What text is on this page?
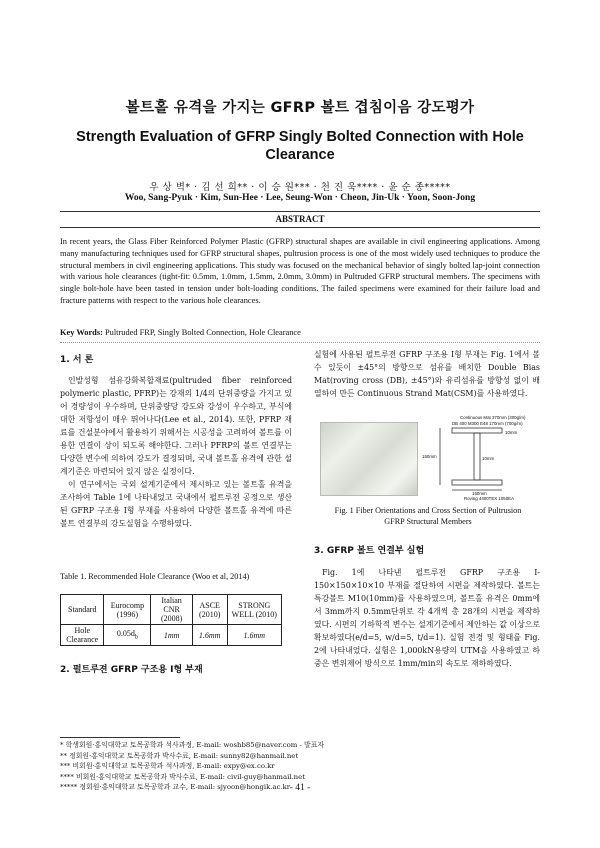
볼트홀 유격을 가지는 GFRP 볼트 겹침이음 강도평가
Strength Evaluation of GFRP Singly Bolted Connection with Hole Clearance
우 상 벽* · 김 선 희** · 이 승 원*** · 천 진 욱**** · 윤 순 종*****
Woo, Sang-Pyuk · Kim, Sun-Hee · Lee, Seung-Won · Cheon, Jin-Uk · Yoon, Soon-Jong
ABSTRACT
In recent years, the Glass Fiber Reinforced Polymer Plastic (GFRP) structural shapes are available in civil engineering applications. Among many manufacturing techniques used for GFRP structural shapes, pultrusion process is one of the most widely used techniques to produce the structural members in civil engineering applications. This study was focused on the mechanical behavior of singly bolted lap-joint connection with various hole clearances (tight-fit: 0.5mm, 1.0mm, 1.5mm, 2.0mm, 3.0mm) in Pultruded GFRP structural members. The specimens with single bolt-hole have been tasted in tension under bolt-loading conditions. The failed specimens were examined for their failure load and fracture patterns with respect to the various hole clearances.
Key Words: Pultruded FRP, Singly Bolted Connection, Hole Clearance
1. 서 론

인발성형 섬유강화복합재료(pultruded fiber reinforced polymeric plastic, PFRP)는 강재의 1/4의 단위중량을 가지고 있어 경량성이 우수하며, 단위중량당 강도와 강성이 우수하고, 부식에 대한 저항성이 매우 뛰어나다(Lee et al., 2014). 또한, PFRP 재료를 건설분야에서 활용하기 위해서는 시공성을 고려하여 볼트를 이용한 연결이 상이 되도록 해야한다. 그러나 PFRP의 볼트 연결부는 다양한 변수에 의하여 강도가 결정되며, 국내 볼트홀 유격에 관한 설계기준은 마련되어 있지 않은 실정이다.

이 연구에서는 국외 설계기준에서 제시하고 있는 볼트홀 유격을 조사하여 Table 1에 나타내었고 국내에서 펄트루젼 공정으로 생산된 GFRP 구조용 I형 부재를 사용하여 다양한 볼트홀 유격에 따른 볼트 연결부의 강도실험을 수행하였다.

Table 1. Recommended Hole Clearance (Woo et al, 2014)
Standard	Eurocomp (1996)	Italian CNR (2008)	ASCE (2010)	STRONG WELL (2010)
Hole Clearance	$0.05d_b$	1mm	1.6mm	1.6mm
2. 펄트루젼 GFRP 구조용 I형 부재

실험에 사용된 펄트루젼 GFRP 구조용 I형 부재는 Fig. 1에서 볼 수 있듯이 ±45°의 방향으로 섬유를 배치한 Double Bias Mat(roving cross (DB), ±45°)와 유리섬유를 방향성 없이 배열하여 만든 Continuous Strand Mat(CSM)를 사용하였다.

Continuous Mat 370mm (300g/m)
DB 400 M300 E48 170mm (700g/m)
10mm
150mm	10mm
150mm
Roving 4400TEX 1050EA
Fig. 1 Fiber Orientations and Cross Section of Pultrusion GFRP Structural Members
3. GFRP 볼트 연결부 실험

Fig. 1에 나타낸 펄트루젼 GFRP 구조용 I-150×150×10×10 부재를 절단하여 시편을 제작하였다. 볼트는 특강볼트 M10(10mm)를 사용하였으며, 볼트홀 유격은 0mm에서 3mm까지 0.5mm단위로 각 4개씩 총 28개의 시편을 제작하였다. 시편의 기하학적 변수는 설계기준에서 제안하는 값 이상으로 확보하였다(e/d=5, w/d=5, t/d=1). 실험 전경 및 형태를 Fig. 2에 나타내었다. 실험은 1,000kN용량의 UTM을 사용하였고 하중은 변위제어 방식으로 1mm/min의 속도로 재하하였다.

* 학생회원·홍익대학교 토목공학과 석사과정, E-mail: woshb85@naver.com - 발표자
** 정회원·홍익대학교 토목공학과 박사수료, E-mail: sunny82@hanmail.net
*** 비회원·홍익대학교 토목공학과 석사과정, E-mail: expy@ex.co.kr
**** 비회원·홍익대학교 토목공학과 박사수료, E-mail: civil-guy@hanmail.net
***** 정회원·홍익대학교 토목공학과 교수, E-mail: sjyoon@hongik.ac.kr - 41 -
